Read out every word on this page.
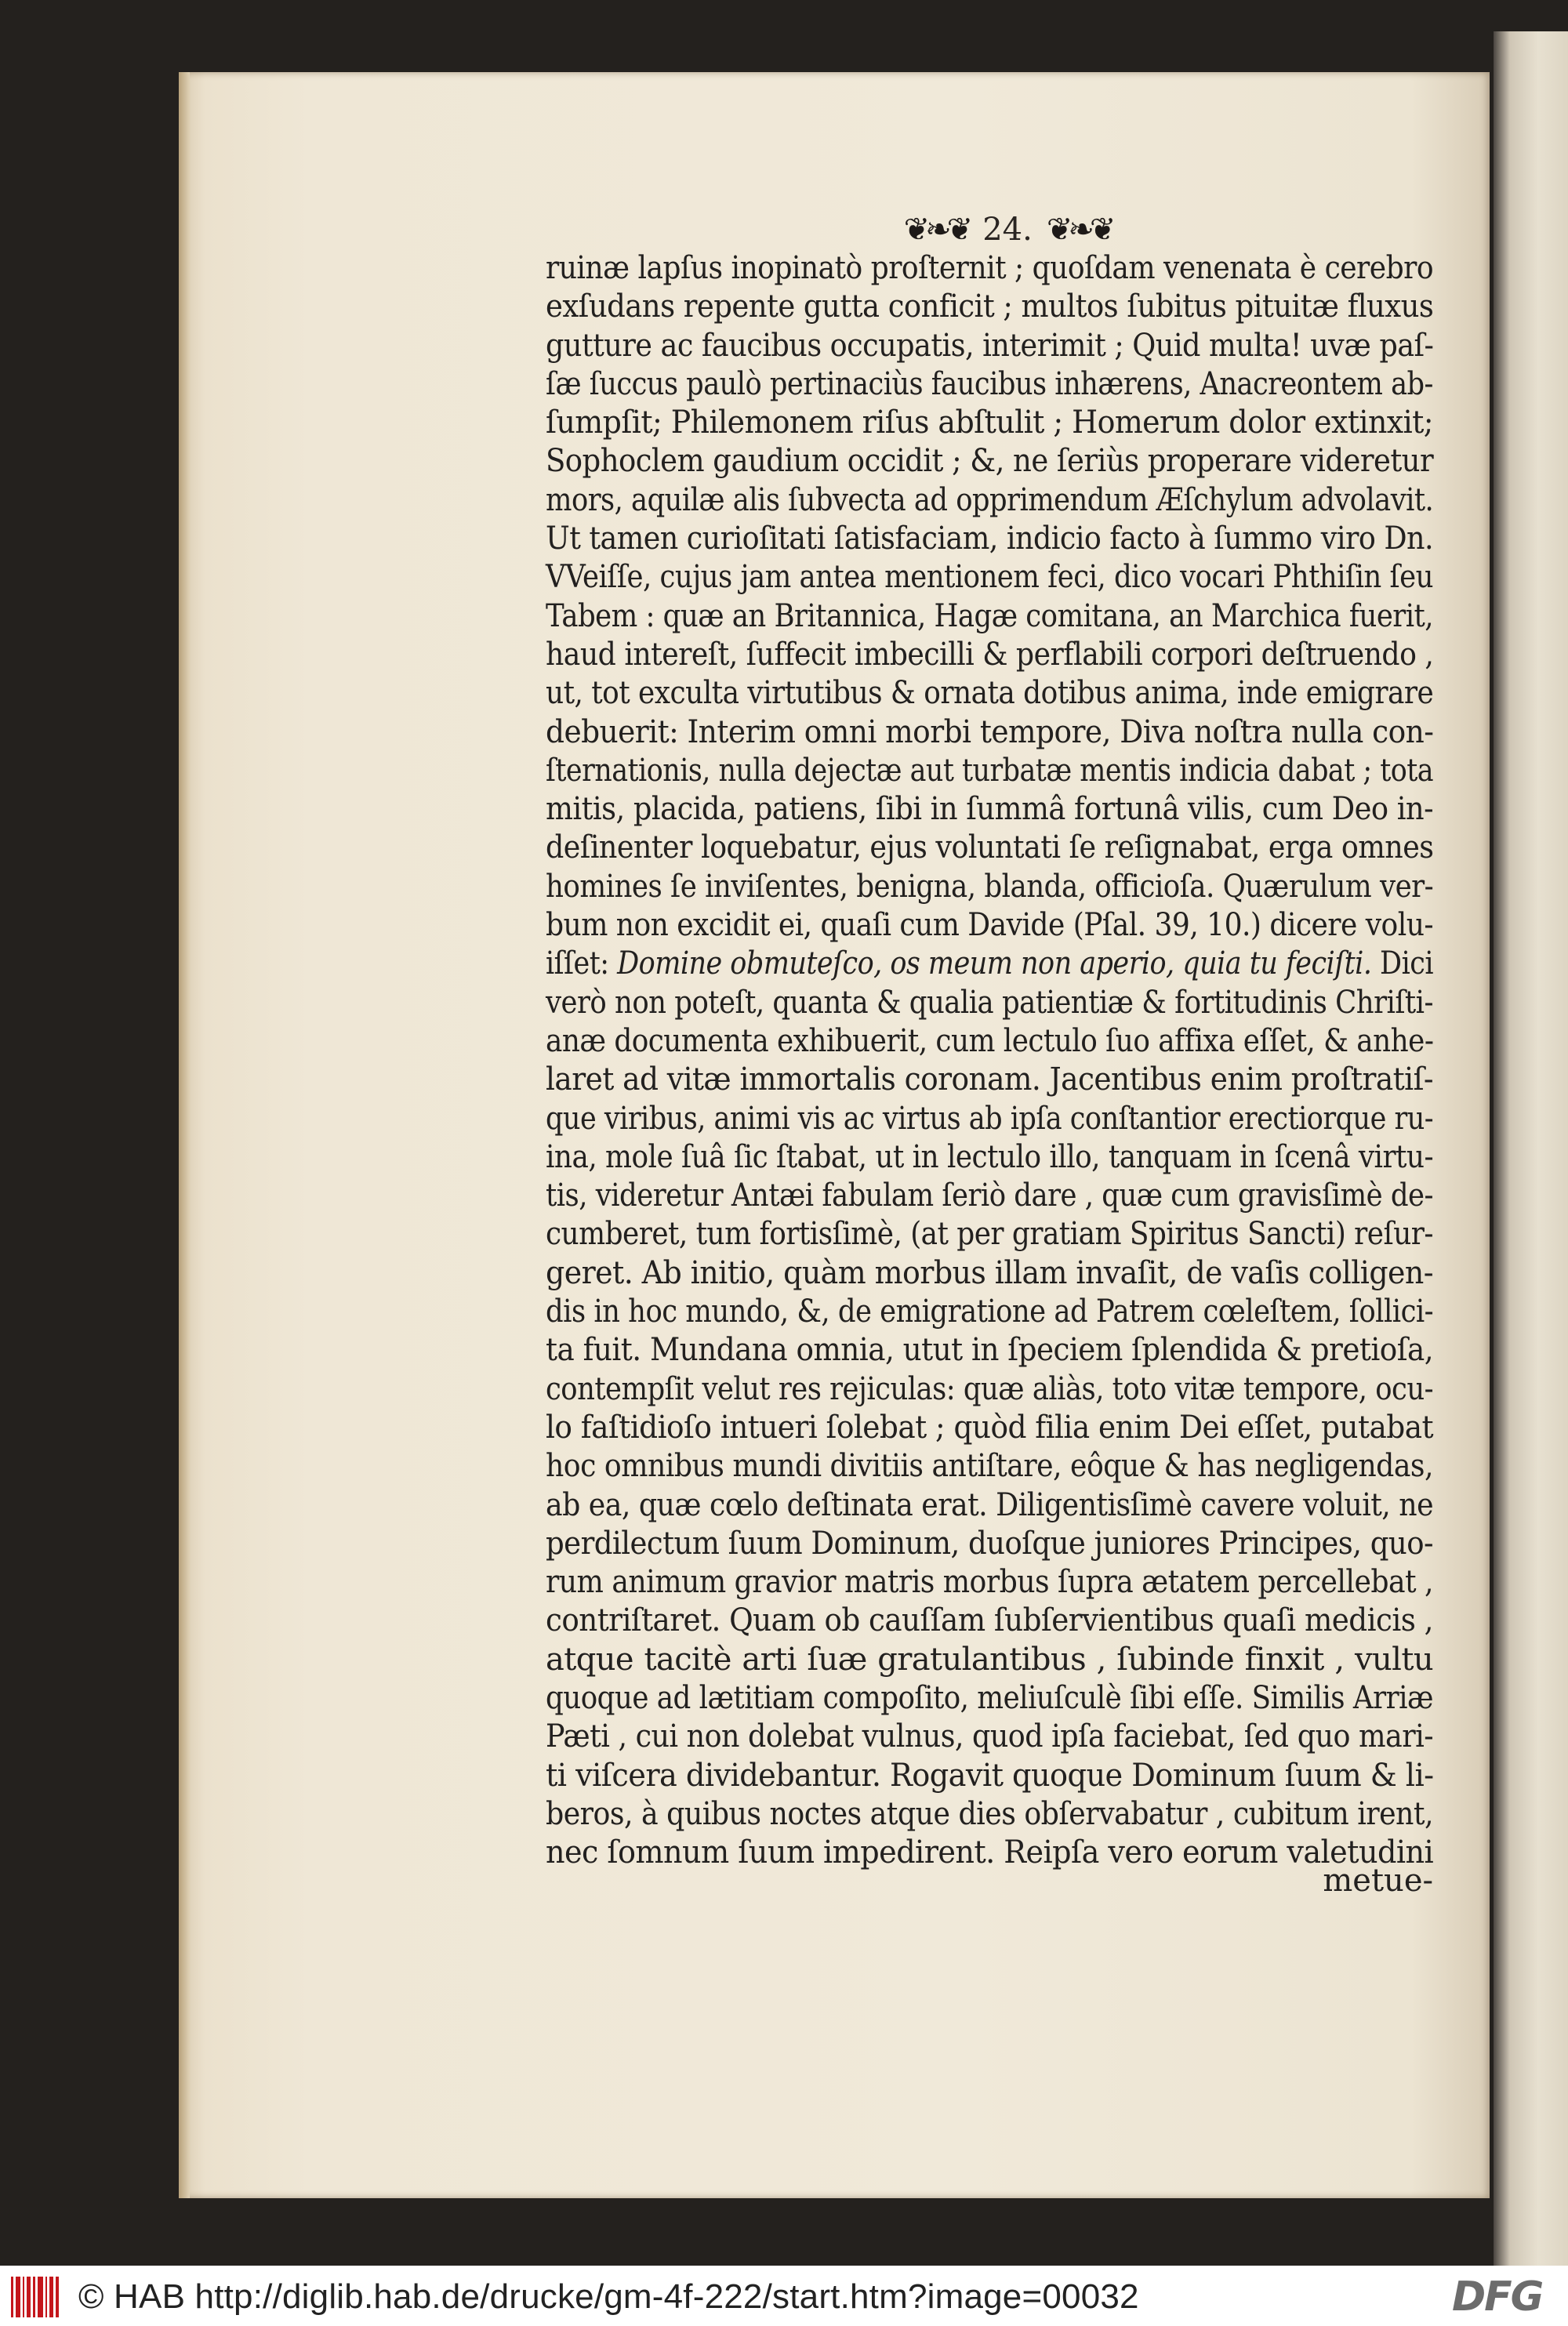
❦❧❦ 24. ❦❧❦
ruinæ lapſus inopinatò proſternit ; quoſdam venenata è cerebro
exſudans repente gutta conficit ; multos ſubitus pituitæ fluxus
gutture ac faucibus occupatis, interimit ; Quid multa! uvæ paſ-
ſæ ſuccus paulò pertinaciùs faucibus inhærens, Anacreontem ab-
ſumpſit; Philemonem riſus abſtulit ; Homerum dolor extinxit;
Sophoclem gaudium occidit ; &, ne ſeriùs properare videretur
mors, aquilæ alis ſubvecta ad opprimendum Æſchylum advolavit.
Ut tamen curioſitati ſatisfaciam, indicio facto à ſummo viro Dn.
VVeiſſe, cujus jam antea mentionem feci, dico vocari Phthiſin ſeu
Tabem : quæ an Britannica, Hagæ comitana, an Marchica fuerit,
haud intereſt, ſuffecit imbecilli & perflabili corpori deſtruendo ,
ut, tot exculta virtutibus & ornata dotibus anima, inde emigrare
debuerit: Interim omni morbi tempore, Diva noſtra nulla con-
ſternationis, nulla dejectæ aut turbatæ mentis indicia dabat ; tota
mitis, placida, patiens, ſibi in ſummâ fortunâ vilis, cum Deo in-
deſinenter loquebatur, ejus voluntati ſe reſignabat, erga omnes
homines ſe inviſentes, benigna, blanda, officioſa. Quærulum ver-
bum non excidit ei, quaſi cum Davide (Pſal. 39, 10.) dicere volu-
iſſet: Domine obmuteſco, os meum non aperio, quia tu feciſti. Dici
verò non poteſt, quanta & qualia patientiæ & fortitudinis Chriſti-
anæ documenta exhibuerit, cum lectulo ſuo affixa eſſet, & anhe-
laret ad vitæ immortalis coronam. Jacentibus enim proſtratiſ-
que viribus, animi vis ac virtus ab ipſa conſtantior erectiorque ru-
ina, mole ſuâ ſic ſtabat, ut in lectulo illo, tanquam in ſcenâ virtu-
tis, videretur Antæi fabulam ſeriò dare , quæ cum gravisſimè de-
cumberet, tum fortisſimè, (at per gratiam Spiritus Sancti) reſur-
geret. Ab initio, quàm morbus illam invaſit, de vaſis colligen-
dis in hoc mundo, &, de emigratione ad Patrem cœleſtem, ſollici-
ta fuit. Mundana omnia, utut in ſpeciem ſplendida & pretioſa,
contempſit velut res rejiculas: quæ aliàs, toto vitæ tempore, ocu-
lo faſtidioſo intueri ſolebat ; quòd filia enim Dei eſſet, putabat
hoc omnibus mundi divitiis antiſtare, eôque & has negligendas,
ab ea, quæ cœlo deſtinata erat. Diligentisſimè cavere voluit, ne
perdilectum ſuum Dominum, duoſque juniores Principes, quo-
rum animum gravior matris morbus ſupra ætatem percellebat ,
contriſtaret. Quam ob cauſſam ſubſervientibus quaſi medicis ,
atque tacitè arti ſuæ gratulantibus , ſubinde finxit , vultu
quoque ad lætitiam compoſito, meliuſculè ſibi eſſe. Similis Arriæ
Pæti , cui non dolebat vulnus, quod ipſa faciebat, ſed quo mari-
ti viſcera dividebantur. Rogavit quoque Dominum ſuum & li-
beros, à quibus noctes atque dies obſervabatur , cubitum irent,
nec ſomnum ſuum impedirent. Reipſa vero eorum valetudini
metue-
© HAB http://diglib.hab.de/drucke/gm-4f-222/start.htm?image=00032	DFG
